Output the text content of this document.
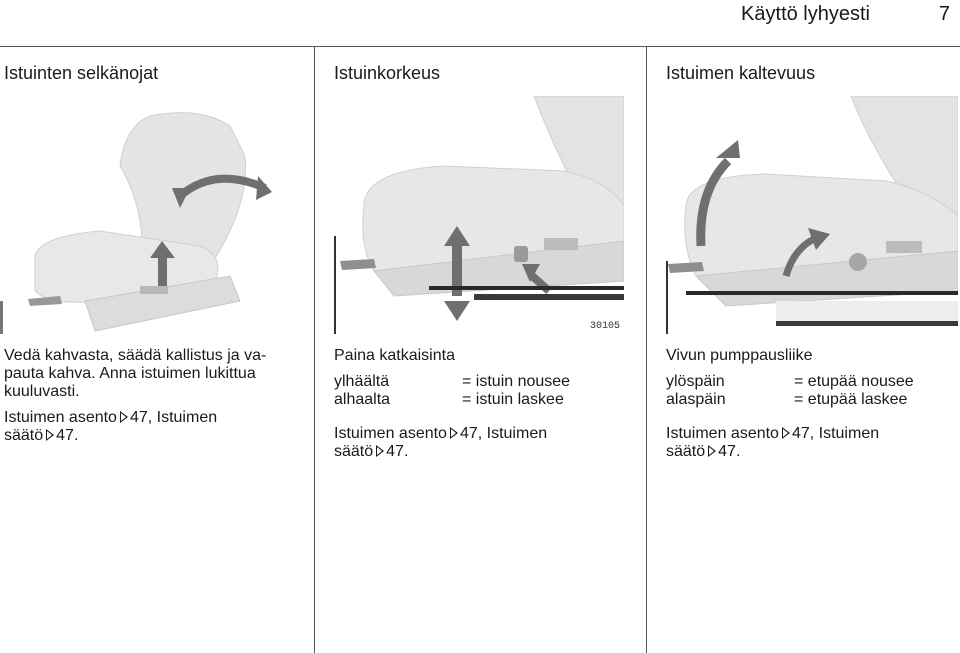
Käyttö lyhyesti	7
Istuinten selkänojat

Vedä kahvasta, säädä kallistus ja va-
pauta kahva. Anna istuimen lukittua
kuuluvasti.

Istuimen asento 47, Istuimen
säätö 47.

Istuinkorkeus
30105

Paina katkaisinta

ylhäältä	= istuin nousee
alhaalta	= istuin laskee

Istuimen asento 47, Istuimen
säätö 47.

Istuimen kaltevuus

Vivun pumppausliike

ylöspäin	= etupää nousee
alaspäin	= etupää laskee

Istuimen asento 47, Istuimen
säätö 47.
